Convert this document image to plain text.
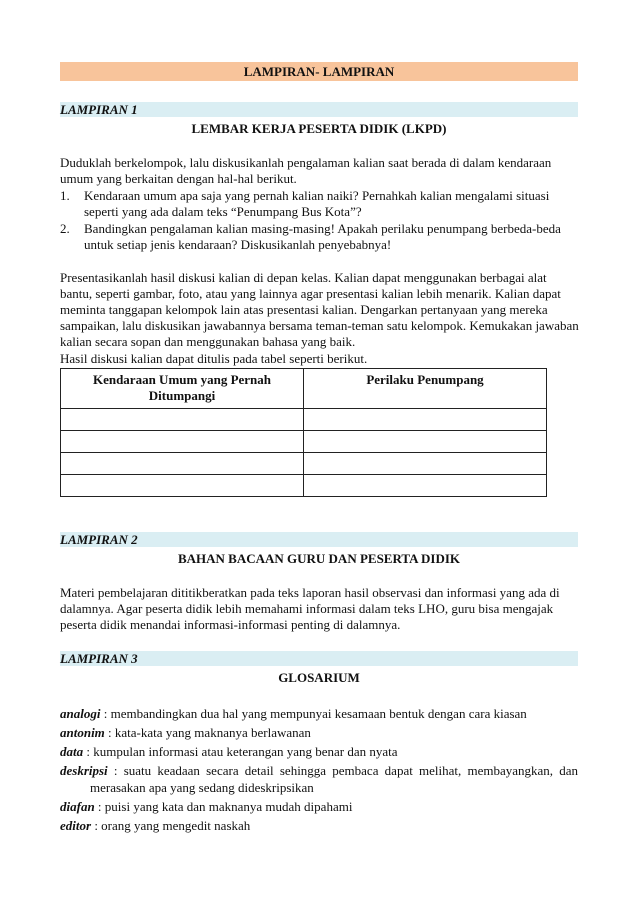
LAMPIRAN- LAMPIRAN
LAMPIRAN 1
LEMBAR KERJA PESERTA DIDIK (LKPD)

Duduklah berkelompok, lalu diskusikanlah pengalaman kalian saat berada di dalam kendaraan umum yang berkaitan dengan hal-hal berikut.

1. Kendaraan umum apa saja yang pernah kalian naiki? Pernahkah kalian mengalami situasi seperti yang ada dalam teks “Penumpang Bus Kota”?
2. Bandingkan pengalaman kalian masing-masing! Apakah perilaku penumpang berbeda-beda untuk setiap jenis kendaraan? Diskusikanlah penyebabnya!

Presentasikanlah hasil diskusi kalian di depan kelas. Kalian dapat menggunakan berbagai alat bantu, seperti gambar, foto, atau yang lainnya agar presentasi kalian lebih menarik. Kalian dapat meminta tanggapan kelompok lain atas presentasi kalian. Dengarkan pertanyaan yang mereka sampaikan, lalu diskusikan jawabannya bersama teman-teman satu kelompok. Kemukakan jawaban kalian secara sopan dan menggunakan bahasa yang baik.

Hasil diskusi kalian dapat ditulis pada tabel seperti berikut.

Kendaraan Umum yang Pernah Ditumpangi	Perilaku Penumpang

LAMPIRAN 2
BAHAN BACAAN GURU DAN PESERTA DIDIK

Materi pembelajaran dititikberatkan pada teks laporan hasil observasi dan informasi yang ada di dalamnya. Agar peserta didik lebih memahami informasi dalam teks LHO, guru bisa mengajak peserta didik menandai informasi-informasi penting di dalamnya.

LAMPIRAN 3
GLOSARIUM

analogi : membandingkan dua hal yang mempunyai kesamaan bentuk dengan cara kiasan

antonim : kata-kata yang maknanya berlawanan

data : kumpulan informasi atau keterangan yang benar dan nyata

deskripsi : suatu keadaan secara detail sehingga pembaca dapat melihat, membayangkan, dan merasakan apa yang sedang dideskripsikan

diafan : puisi yang kata dan maknanya mudah dipahami

editor : orang yang mengedit naskah
